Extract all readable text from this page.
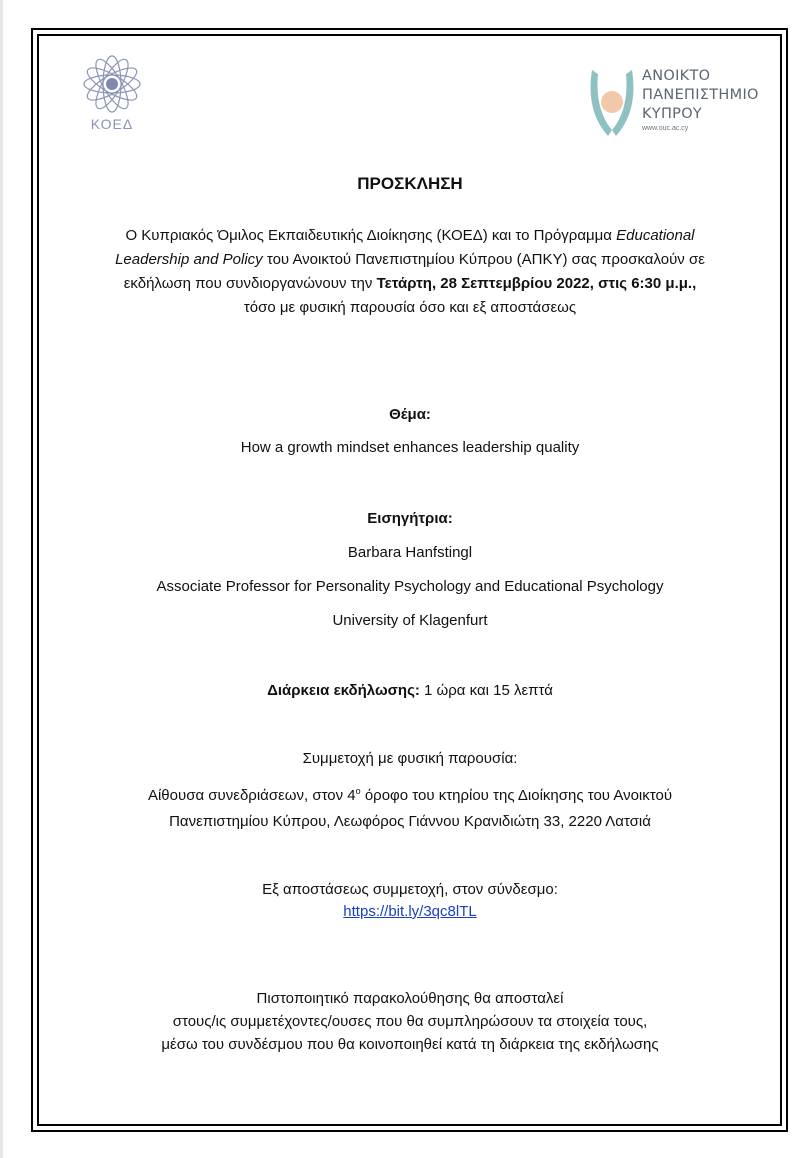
ΚΟΕΔ
ΑΝΟΙΚΤΟ
ΠΑΝΕΠΙΣΤΗΜΙΟ
ΚΥΠΡΟΥ
www.ouc.ac.cy
ΠΡΟΣΚΛΗΣΗ
Ο Κυπριακός Όμιλος Εκπαιδευτικής Διοίκησης (ΚΟΕΔ) και το Πρόγραμμα Educational
Leadership and Policy του Ανοικτού Πανεπιστημίου Κύπρου (ΑΠΚΥ) σας προσκαλούν σε
εκδήλωση που συνδιοργανώνουν την Τετάρτη, 28 Σεπτεμβρίου 2022, στις 6:30 μ.μ.,
τόσο με φυσική παρουσία όσο και εξ αποστάσεως
Θέμα:
How a growth mindset enhances leadership quality
Εισηγήτρια:
Barbara Hanfstingl
Associate Professor for Personality Psychology and Educational Psychology
University of Klagenfurt
Διάρκεια εκδήλωσης: 1 ώρα και 15 λεπτά
Συμμετοχή με φυσική παρουσία:
Αίθουσα συνεδριάσεων, στον $4^o$ όροφο του κτηρίου της Διοίκησης του Ανοικτού
Πανεπιστημίου Κύπρου, Λεωφόρος Γιάννου Κρανιδιώτη 33, 2220 Λατσιά
Εξ αποστάσεως συμμετοχή, στον σύνδεσμο:
https://bit.ly/3qc8lTL
Πιστοποιητικό παρακολούθησης θα αποσταλεί
στους/ις συμμετέχοντες/ουσες που θα συμπληρώσουν τα στοιχεία τους,
μέσω του συνδέσμου που θα κοινοποιηθεί κατά τη διάρκεια της εκδήλωσης
